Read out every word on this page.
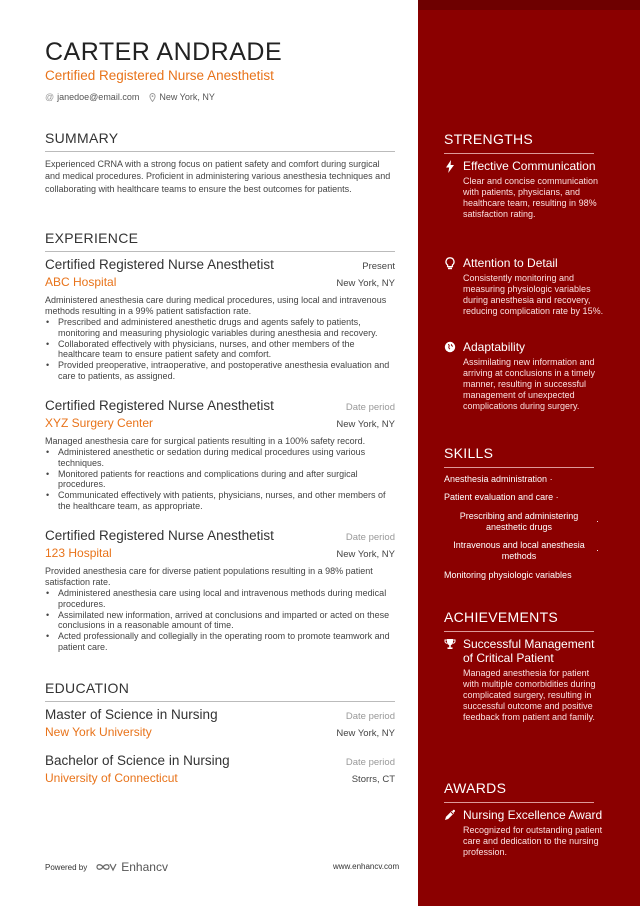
CARTER ANDRADE
Certified Registered Nurse Anesthetist
@ janedoe@email.com New York, NY
SUMMARY
Experienced CRNA with a strong focus on patient safety and comfort during surgical and medical procedures. Proficient in administering various anesthesia techniques and collaborating with healthcare teams to ensure the best outcomes for patients.
EXPERIENCE
Certified Registered Nurse Anesthetist	Present
ABC Hospital	New York, NY
Administered anesthesia care during medical procedures, using local and intravenous methods resulting in a 99% patient satisfaction rate.
• Prescribed and administered anesthetic drugs and agents safely to patients, monitoring and measuring physiologic variables during anesthesia and recovery.
• Collaborated effectively with physicians, nurses, and other members of the healthcare team to ensure patient safety and comfort.
• Provided preoperative, intraoperative, and postoperative anesthesia evaluation and care to patients, as assigned.
Certified Registered Nurse Anesthetist	Date period
XYZ Surgery Center	New York, NY
Managed anesthesia care for surgical patients resulting in a 100% safety record.
• Administered anesthetic or sedation during medical procedures using various techniques.
• Monitored patients for reactions and complications during and after surgical procedures.
• Communicated effectively with patients, physicians, nurses, and other members of the healthcare team, as appropriate.
Certified Registered Nurse Anesthetist	Date period
123 Hospital	New York, NY
Provided anesthesia care for diverse patient populations resulting in a 98% patient satisfaction rate.
• Administered anesthesia care using local and intravenous methods during medical procedures.
• Assimilated new information, arrived at conclusions and imparted or acted on these conclusions in a reasonable amount of time.
• Acted professionally and collegially in the operating room to promote teamwork and patient care.
EDUCATION
Master of Science in Nursing	Date period
New York University	New York, NY
Bachelor of Science in Nursing	Date period
University of Connecticut	Storrs, CT
Powered by	Enhancv	www.enhancv.com
STRENGTHS
Effective Communication
Clear and concise communication with patients, physicians, and healthcare team, resulting in 98% satisfaction rating.
Attention to Detail
Consistently monitoring and measuring physiologic variables during anesthesia and recovery, reducing complication rate by 15%.
Adaptability
Assimilating new information and arriving at conclusions in a timely manner, resulting in successful management of unexpected complications during surgery.
SKILLS
Anesthesia administration ·
Patient evaluation and care ·
Prescribing and administering anesthetic drugs
·
Intravenous and local anesthesia methods
·
Monitoring physiologic variables
ACHIEVEMENTS
Successful Management of Critical Patient
Managed anesthesia for patient with multiple comorbidities during complicated surgery, resulting in successful outcome and positive feedback from patient and family.
AWARDS
Nursing Excellence Award
Recognized for outstanding patient care and dedication to the nursing profession.
